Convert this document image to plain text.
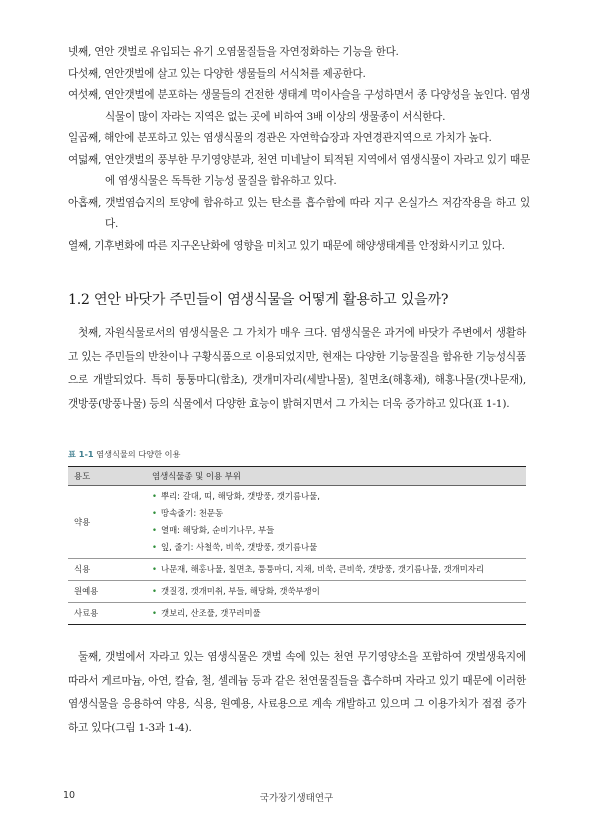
넷째, 연안 갯벌로 유입되는 유기 오염물질들을 자연정화하는 기능을 한다.

다섯째, 연안갯벌에 살고 있는 다양한 생물들의 서식처를 제공한다.

여섯째, 연안갯벌에 분포하는 생물들의 건전한 생태계 먹이사슬을 구성하면서 종 다양성을 높인다. 염생식물이 많이 자라는 지역은 없는 곳에 비하여 3배 이상의 생물종이 서식한다.

일곱째, 해안에 분포하고 있는 염생식물의 경관은 자연학습장과 자연경관지역으로 가치가 높다.

여덟째, 연안갯벌의 풍부한 무기영양분과, 천연 미네날이 퇴적된 지역에서 염생식물이 자라고 있기 때문에 염생식물은 독특한 기능성 물질을 함유하고 있다.

아홉째, 갯벌염습지의 토양에 함유하고 있는 탄소를 흡수함에 따라 지구 온실가스 저감작용을 하고 있다.

열째, 기후변화에 따른 지구온난화에 영향을 미치고 있기 때문에 해양생태계를 안정화시키고 있다.

1.2 연안 바닷가 주민들이 염생식물을 어떻게 활용하고 있을까?

첫째, 자원식물로서의 염생식물은 그 가치가 매우 크다. 염생식물은 과거에 바닷가 주변에서 생활하고 있는 주민들의 반찬이나 구황식품으로 이용되었지만, 현재는 다양한 기능물질을 함유한 기능성식품으로 개발되었다. 특히 퉁퉁마디(함초), 갯개미자리(세발나물), 칠면초(해홍채), 해홍나물(갯나문재), 갯방풍(방풍나물) 등의 식물에서 다양한 효능이 밝혀지면서 그 가치는 더욱 증가하고 있다(표 1-1).

표 1-1 염생식물의 다양한 이용

용도	염생식물종 및 이용 부위
약용	• 뿌리: 갈대, 띠, 해당화, 갯방풍, 갯기름나물,
• 땅속줄기: 천문동
• 열매: 해당화, 순비기나무, 부들
• 잎, 줄기: 사철쑥, 비쑥, 갯방풍, 갯기름나물

식용	• 나문재, 해홍나물, 칠면초, 퉁퉁마디, 지채, 비쑥, 큰비쑥, 갯방풍, 갯기름나물, 갯개미자리

원예용	• 갯질경, 갯개미취, 부들, 해당화, 갯쑥부쟁이

사료용	• 갯보리, 산조풀, 갯꾸러미풀

둘째, 갯벌에서 자라고 있는 염생식물은 갯벌 속에 있는 천연 무기영양소을 포함하여 갯벌생육지에 따라서 게르마늄, 아연, 칼슘, 철, 셀레늄 등과 같은 천연물질들을 흡수하며 자라고 있기 때문에 이러한 염생식물을 응용하여 약용, 식용, 원예용, 사료용으로 계속 개발하고 있으며 그 이용가치가 점점 증가하고 있다(그림 1-3과 1-4).

10	국가장기생태연구
